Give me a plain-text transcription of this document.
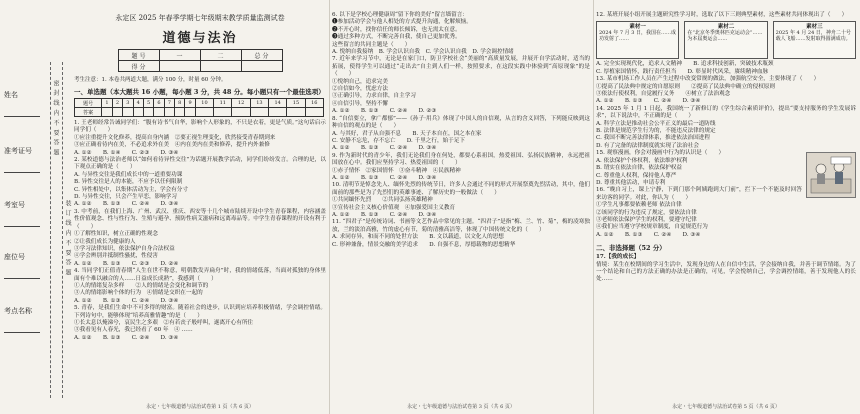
密 封 线 内 不 要 答 题
装 订 线 内 不 要 答 题
姓名
准考证号
考室号
座位号
考点名称
永定区 2025 年春季学期七年级期末教学质量监测试卷
道德与法治
题 号	一	二	总 分
得 分			
考生注意：1. 本卷共两道大题，满分 100 分，时量 60 分钟。
一、单选题（本大题共 16 小题，每小题 3 分，共 48 分。每小题只有一个最佳选项）
题号	1	2	3	4	5	6	7	8	9	10	11	12	13	14	15	16
答案																

1. 王老师经常告诫同学们：“腹有诗书气自华，影响个人形象的，不只是衣着，更是气质。”这句话启示同学们（　　）

①应注重提升文化修养，提高自身内涵　②要正视生理变化，欣然接受青春期到来
③应正确看待内在美，不必追求外在美　④内在美内在美和修养，提升内外兼修
A. ①②　　B. ①④　　C. ②③　　D. ③④

2. 某校道德与法治老师以“如何看待异性交往”为话题开展教学活动，同学们纷纷发言。合理的是，以下观点正确的是（　　）

A. 与异性交往是我们成长中的一道重要功课
B. 异性交往是人的本能，不应予以任何限制
C. 异性相处中，以集体活动为主，学会有分寸
D. 与异性交往，只会产生早恋，影响学习
A. ①②　　B. ①③　　C. ②④　　D. ③④

3. 中考前，在我们上海、广州、武汉、重庆、西安等十几个城市陆续开设中学生青春课程，内容涵盖性价值观念、性与性行为、生殖与避孕、预防性病艾滋病和远离毒品等。中学生青春课程的开设有利于（　　）

①了解性知识，树立正确的性观念
②让我们成长为健康的人
③学习法律知识，依法保护自身合法权益
④学会辨别并抵制性骚扰，性侵害
A. ①②　　B. ①③　　C. ②③　　D. ②④

4. 当同学们正值青春期“人生在世不称意，明朝散发弄扁舟”时，我的情绪低落，当面对孤独的身体里面有个难以融合的人……日益成长成熟”，我感到（　　）

①人的情绪复杂多样　　②人的情绪是会变化和调节的
③人的情绪影响个体的行为　④情绪是交织在一起的
A. ①②　　B. ①③　　C. ②④　　D. ③④

5. 青春，是我们生命中不可多得的财富。随着社会的进步，认识到应培养积极情绪，学会调控情绪。下列诗句中，能够体现“培养高雅情趣”的是（　　）

①长太息以掩涕兮，哀民生之多艰　②有若丧子般呼叫，遂离开心有所住
③我看见有人春光，我已经看了 60 年　④ ……
A. ①②　　B. ①③　　C. ②④　　D. ③④
永定・七年级道德与法治试卷第 1 页（共 6 页）

6. 以下是学校心理健康周“留下你的美好”留言墙留言：

❶参加活动学会与他人相处的方式提升沟通，化解烦恼。
❷不开心时，找你信任的师长倾诉，也无需太在意。
❸通过多种方式，不断完善自我，使自己更加优秀。
这些留言的共同主题是（　　）
A. 悦纳自我接纳　B. 学会认识自我　C. 学会认识自我　D. 学会调控情绪

7. 近年来学习节中，无论是在家门口，防卫学校社会“美丽的”高质量发展，并展开自学活动时，适当的拓展，使得学生可以通过“走出去”自主到人们一样，按照要求，在这段实践中体验到“高原现象”的是（　　）

①悦纳自己，追求完美
②自信如今，忧虑方法
③正确引导，力求自律，自主学习
④自信引导，坚持不懈
A. ①②　　B. ①③　　C. ②④　　D. ②③

8. “自信要立，拿广都郁”——《孙子·用兵》体现了中国人的自信观，从言的含义回答，下列能反映到这种自信的观点的是（　　）

A. 与其好，君子从自强不息　　B. 天子本自在，国之本在家
C. 安静不忘危，存不忘亡　　D. 千里之行，始于足下
A. ①②　　B. ①③　　C. ②④　　D. ③④

9. 作为新时代的青少年，我们无论我们身在何处，都要心系祖国，热爱祖国、弘扬民族精神，永远把祖国放在心中。我们应坚持学习、热爱祖国的（　　）

①赤子情怀　②家国情怀　③奋斗精神　④民族精神
A. ①②　　B. ①③　　C. ②④　　D. ③④

10. 清明节是悼念先人、缅怀先烈的传统节日，许多人会通过不同的形式开展祭奠先烈活动，其中，他们面前的那些是为了先烈们的英雄事迹、了解历史的一般做法（　　）

①共同缅怀先烈　　②共同弘扬英雄精神
③宣传社会主义核心价值观　④加强爱国主义教育
A. ①②　　B. ①③　　C. ②④　　D. ③④

11. “四君子”是传统诗词、书画等文艺作品中常见的主题。“四君子”是指“梅、兰、竹、菊”，梅的凌寒独放，兰的淡泊高雅，竹的虚心有节，菊的清雅高洁等，体现了中国传统文化的（　　）

A. 求同存异，和而不同的处世方法　　B. 文以载道，以文化人的思想
C. 形神兼备，情景交融的美学追求　　D. 自强不息，厚德载物的思想精华
永定・七年级道德与法治试卷第 3 页（共 6 页）

12. 某班开展小组开展主题研究性学习时，选取了以下三则典型素材，这些素材共同体现出了（　　）

素材一
2024 年 7 月 3 日，我国在……成功发射了……
素材二
在“北京冬季奥林匹克运动会”……为本届奥运会……
素材三
2025 年 4 月 24 日，神舟二十号载人飞船……发射取得圆满成功。
A. 完全实现现代化，追求人文精神　　B. 追求科技创新，突破技术瓶颈
C. 厚植家国情怀，践行责任担当　　D. 彰显时代风采，赓续精神血脉

13. 某市机场工作人员在产生过程中改变常规的做法，加强航空安全，主要体现了（　　）

①提高了民法典中规定的自愿原则　　②提高了民法典中确立的侵权原则
③依法行使权利，自觉履行义务　　④树立了法治观念
A. ①②　　B. ①③　　C. ②④　　D. ③④

14. 2025 年 1 月 1 日起，我国统一了新修订的《学生综合素质评价》，提出“要支持服务的学生发展诉求”，以下说法中，不正确的是（　　）

A. 科学立法是推动社会公平正义的最后一道防线
B. 法律是规范学生行为的，不能违反法律的规定
C. 我国不断完善法律体系，推进依法治国进程
D. 有了完备的法律制度就实现了法治社会

15. 观察漫画，你会对漫画中行为的认识是（　　）

A. 依法保护个体权利，依法维护权利
B. 谓实在依法自律，依法保护权益
C. 尊重他人权利，保持他人尊严
D. 尊重其他活动，申请专利

16. “晚自习上，课上宁静，下到门那个阿姨跑到大门前”，拦下一个不能及时回答来访客的同学。对此，你认为（　　）

①学生凡事都要依赖老师 依法自律
②该同学的行为违反了规定，要依法自律
③老师依法保护学生的权利，要遵守纪律
④我们应当遵守学校规章制度，自觉规范行为
A. ①②　　B. ①③　　C. ②④　　D. ③④
二、非选择题（52 分）

17.【我的成长】

情境：某生在校期间的学习生活中，发现身边的人在自信中生活，学会接纳自我，并善于调节情绪。为了一个结论和自己的方法正确的办法是正确的，可见，学会悦纳自己，学会调控情绪，善于发现他人的长处……

永定・七年级道德与法治试卷第 5 页（共 6 页）
